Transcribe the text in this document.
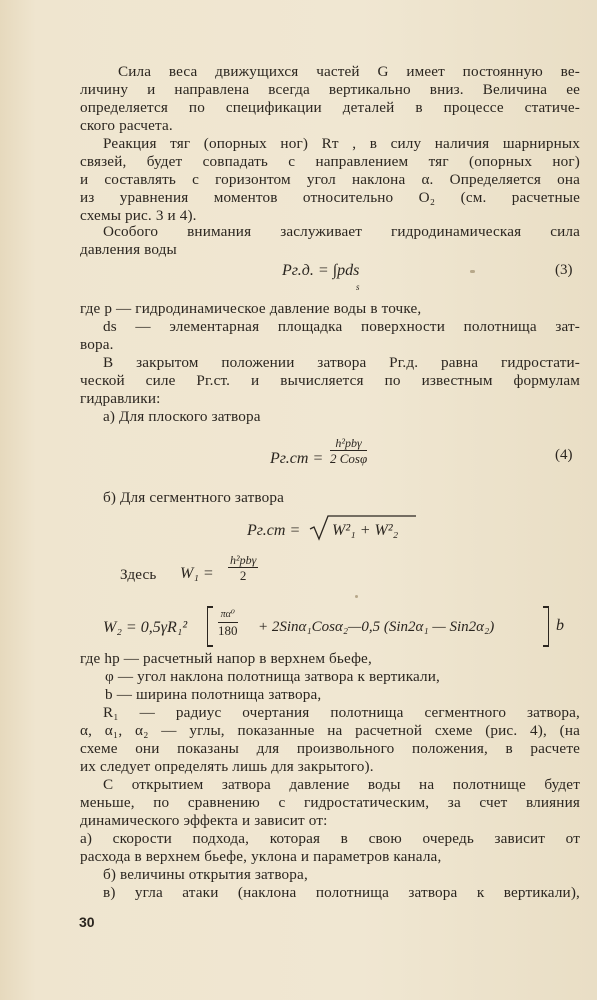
Сила веса движущихся частей G имеет постоянную ве-
личину и направлена всегда вертикально вниз. Величина ее
определяется по спецификации деталей в процессе статиче-
ского расчета.
Реакция тяг (опорных ног) Rт , в силу наличия шарнирных
связей, будет совпадать с направлением тяг (опорных ног)
и составлять с горизонтом угол наклона α. Определяется она
из уравнения моментов относительно O₂ (см. расчетные
схемы рис. 3 и 4).
Особого внимания заслуживает гидродинамическая сила
давления воды
Pг.д. = ∫pds
s
(3)
где p — гидродинамическое давление воды в точке,
ds — элементарная площадка поверхности полотнища зат-
вора.
В закрытом положении затвора Pг.д. равна гидростати-
ческой силе Pг.ст. и вычисляется по известным формулам
гидравлики:
а) Для плоского затвора
Pг.ст =
h²рbγ
2 Cosφ	(4)
б) Для сегментного затвора
Pг.ст = W²₁ + W²₂
Здесь W₁ =
h²рbγ
2
W₂ = 0,5γR₁²
πα⁰
180 + 2Sinα₁Cosα₂—0,5 (Sin2α₁ — Sin2α₂)	b
где hр — расчетный напор в верхнем бьефе,
φ — угол наклона полотнища затвора к вертикали,
b — ширина полотнища затвора,
R₁ — радиус очертания полотнища сегментного затвора,
α, α₁, α₂ — углы, показанные на расчетной схеме (рис. 4), (на
схеме они показаны для произвольного положения, в расчете
их следует определять лишь для закрытого).
С открытием затвора давление воды на полотнище будет
меньше, по сравнению с гидростатическим, за счет влияния
динамического эффекта и зависит от:
а) скорости подхода, которая в свою очередь зависит от
расхода в верхнем бьефе, уклона и параметров канала,
б) величины открытия затвора,
в) угла атаки (наклона полотнища затвора к вертикали),
30
